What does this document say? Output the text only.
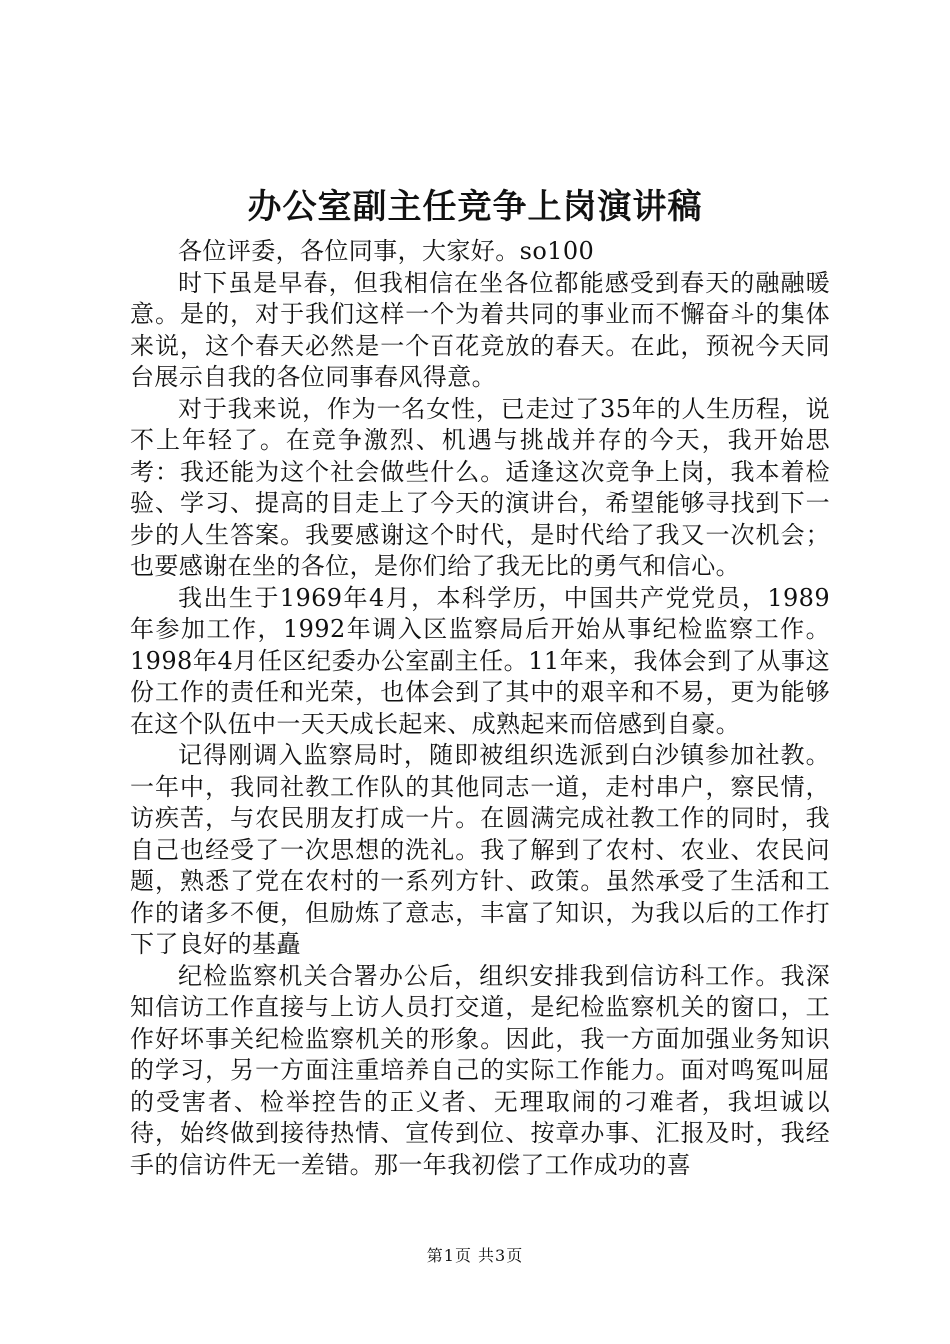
办公室副主任竞争上岗演讲稿

各位评委，各位同事，大家好。so100

时下虽是早春，但我相信在坐各位都能感受到春天的融融暖意。是的，对于我们这样一个为着共同的事业而不懈奋斗的集体来说，这个春天必然是一个百花竞放的春天。在此，预祝今天同台展示自我的各位同事春风得意。

对于我来说，作为一名女性，已走过了35年的人生历程，说不上年轻了。在竞争激烈、机遇与挑战并存的今天，我开始思考：我还能为这个社会做些什么。适逢这次竞争上岗，我本着检验、学习、提高的目走上了今天的演讲台，希望能够寻找到下一步的人生答案。我要感谢这个时代，是时代给了我又一次机会；也要感谢在坐的各位，是你们给了我无比的勇气和信心。

我出生于1969年4月，本科学历，中国共产党党员，1989年参加工作，1992年调入区监察局后开始从事纪检监察工作。1998年4月任区纪委办公室副主任。11年来，我体会到了从事这份工作的责任和光荣，也体会到了其中的艰辛和不易，更为能够在这个队伍中一天天成长起来、成熟起来而倍感到自豪。

记得刚调入监察局时，随即被组织选派到白沙镇参加社教。一年中，我同社教工作队的其他同志一道，走村串户，察民情，访疾苦，与农民朋友打成一片。在圆满完成社教工作的同时，我自己也经受了一次思想的洗礼。我了解到了农村、农业、农民问题，熟悉了党在农村的一系列方针、政策。虽然承受了生活和工作的诸多不便，但励炼了意志，丰富了知识，为我以后的工作打下了良好的基矗

纪检监察机关合署办公后，组织安排我到信访科工作。我深知信访工作直接与上访人员打交道，是纪检监察机关的窗口，工作好坏事关纪检监察机关的形象。因此，我一方面加强业务知识的学习，另一方面注重培养自己的实际工作能力。面对鸣冤叫屈的受害者、检举控告的正义者、无理取闹的刁难者，我坦诚以待，始终做到接待热情、宣传到位、按章办事、汇报及时，我经手的信访件无一差错。那一年我初偿了工作成功的喜

第1页 共3页
